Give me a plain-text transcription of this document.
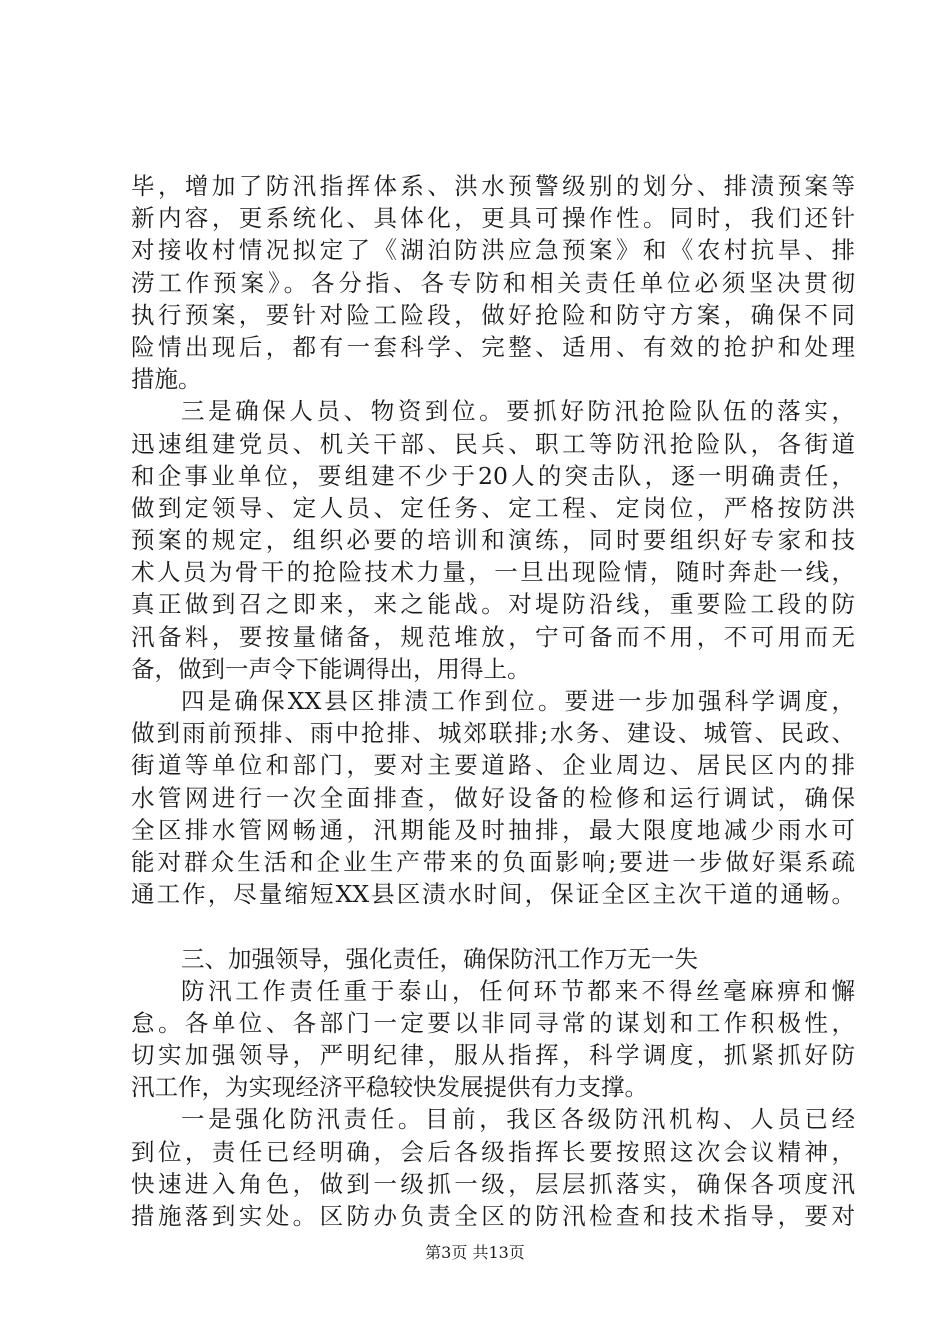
毕，增加了防汛指挥体系、洪水预警级别的划分、排渍预案等
新内容，更系统化、具体化，更具可操作性。同时，我们还针
对接收村情况拟定了《湖泊防洪应急预案》和《农村抗旱、排
涝工作预案》。各分指、各专防和相关责任单位必须坚决贯彻
执行预案，要针对险工险段，做好抢险和防守方案，确保不同
险情出现后，都有一套科学、完整、适用、有效的抢护和处理
措施。
三是确保人员、物资到位。要抓好防汛抢险队伍的落实，
迅速组建党员、机关干部、民兵、职工等防汛抢险队，各街道
和企事业单位，要组建不少于20人的突击队，逐一明确责任，
做到定领导、定人员、定任务、定工程、定岗位，严格按防洪
预案的规定，组织必要的培训和演练，同时要组织好专家和技
术人员为骨干的抢险技术力量，一旦出现险情，随时奔赴一线，
真正做到召之即来，来之能战。对堤防沿线，重要险工段的防
汛备料，要按量储备，规范堆放，宁可备而不用，不可用而无
备，做到一声令下能调得出，用得上。
四是确保XX县区排渍工作到位。要进一步加强科学调度，
做到雨前预排、雨中抢排、城郊联排;水务、建设、城管、民政、
街道等单位和部门，要对主要道路、企业周边、居民区内的排
水管网进行一次全面排查，做好设备的检修和运行调试，确保
全区排水管网畅通，汛期能及时抽排，最大限度地减少雨水可
能对群众生活和企业生产带来的负面影响;要进一步做好渠系疏
通工作，尽量缩短XX县区渍水时间，保证全区主次干道的通畅。
三、加强领导，强化责任，确保防汛工作万无一失
防汛工作责任重于泰山，任何环节都来不得丝毫麻痹和懈
怠。各单位、各部门一定要以非同寻常的谋划和工作积极性，
切实加强领导，严明纪律，服从指挥，科学调度，抓紧抓好防
汛工作，为实现经济平稳较快发展提供有力支撑。
一是强化防汛责任。目前，我区各级防汛机构、人员已经
到位，责任已经明确，会后各级指挥长要按照这次会议精神，
快速进入角色，做到一级抓一级，层层抓落实，确保各项度汛
措施落到实处。区防办负责全区的防汛检查和技术指导，要对
第3页 共13页
